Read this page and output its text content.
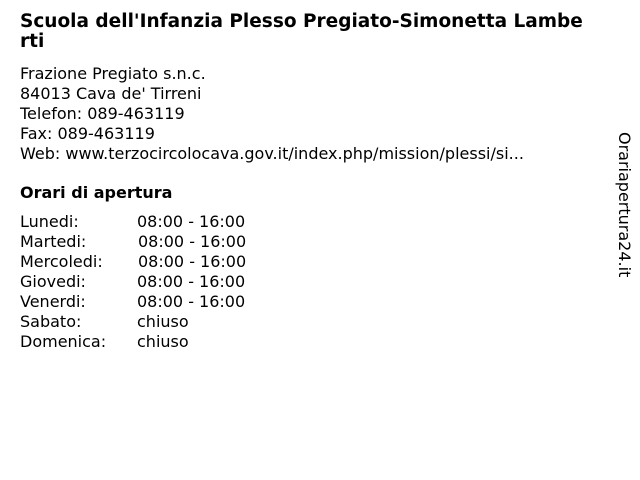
Scuola dell'Infanzia Plesso Pregiato-Simonetta Lamberti
Frazione Pregiato s.n.c.
84013 Cava de' Tirreni
Telefon: 089-463119
Fax: 089-463119
Web: www.terzocircolocava.gov.it/index.php/mission/plessi/si...
Orari di apertura
Lunedi:	08:00 - 16:00
Martedi:	08:00 - 16:00
Mercoledi: 08:00 - 16:00
Giovedi:	08:00 - 16:00
Venerdi:	08:00 - 16:00
Sabato:	chiuso
Domenica: chiuso
Orariapertura24.it
